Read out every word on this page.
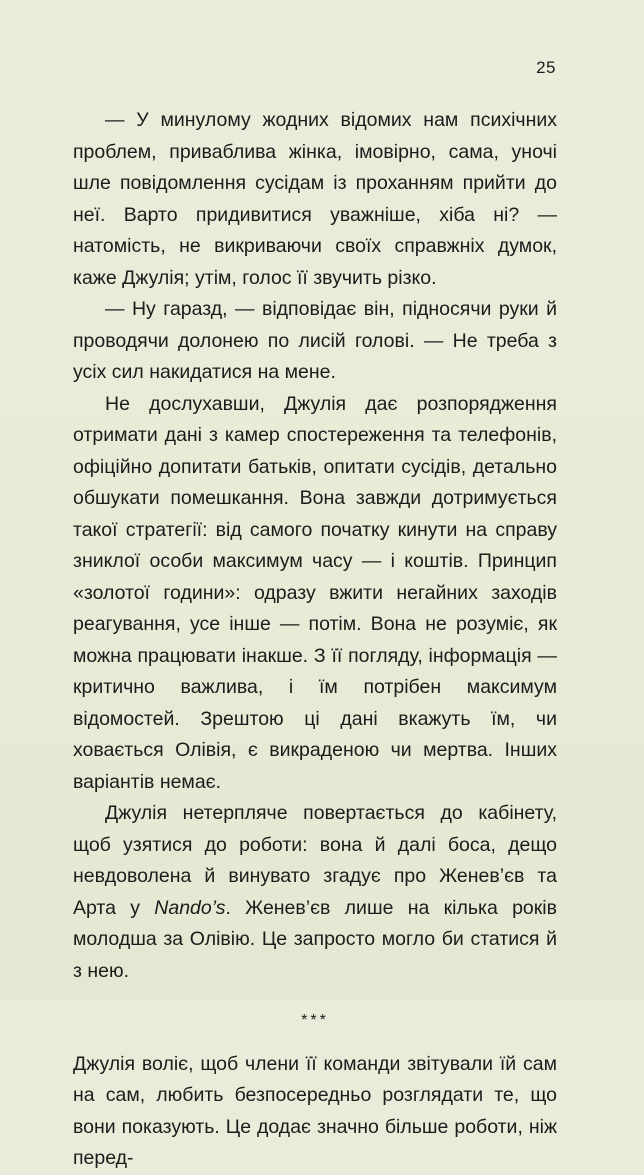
25

— У минулому жодних відомих нам психічних проблем, приваблива жінка, імовірно, сама, уночі шле повідомлення сусідам із проханням прийти до неї. Варто придивитися уважніше, хіба ні? — натомість, не викриваючи своїх справжніх думок, каже Джулія; утім, голос її звучить різко.

— Ну гаразд, — відповідає він, підносячи руки й проводячи долонею по лисій голові. — Не треба з усіх сил накидатися на мене.

Не дослухавши, Джулія дає розпорядження отримати дані з камер спостереження та телефонів, офіційно допитати батьків, опитати сусідів, детально обшукати помешкання. Вона завжди дотримується такої стратегії: від самого початку кинути на справу зниклої особи максимум часу — і коштів. Принцип «золотої години»: одразу вжити негайних заходів реагування, усе інше — потім. Вона не розуміє, як можна працювати інакше. З її погляду, інформація — критично важлива, і їм потрібен максимум відомостей. Зрештою ці дані вкажуть їм, чи ховається Олівія, є викраденою чи мертва. Інших варіантів немає.

Джулія нетерпляче повертається до кабінету, щоб узятися до роботи: вона й далі боса, дещо невдоволена й винувато згадує про Женев’єв та Арта у Nando’s. Женев’єв лише на кілька років молодша за Олівію. Це запросто могло би статися й з нею.

***

Джулія воліє, щоб члени її команди звітували їй сам на сам, любить безпосередньо розглядати те, що вони показують. Це додає значно більше роботи, ніж перед-
